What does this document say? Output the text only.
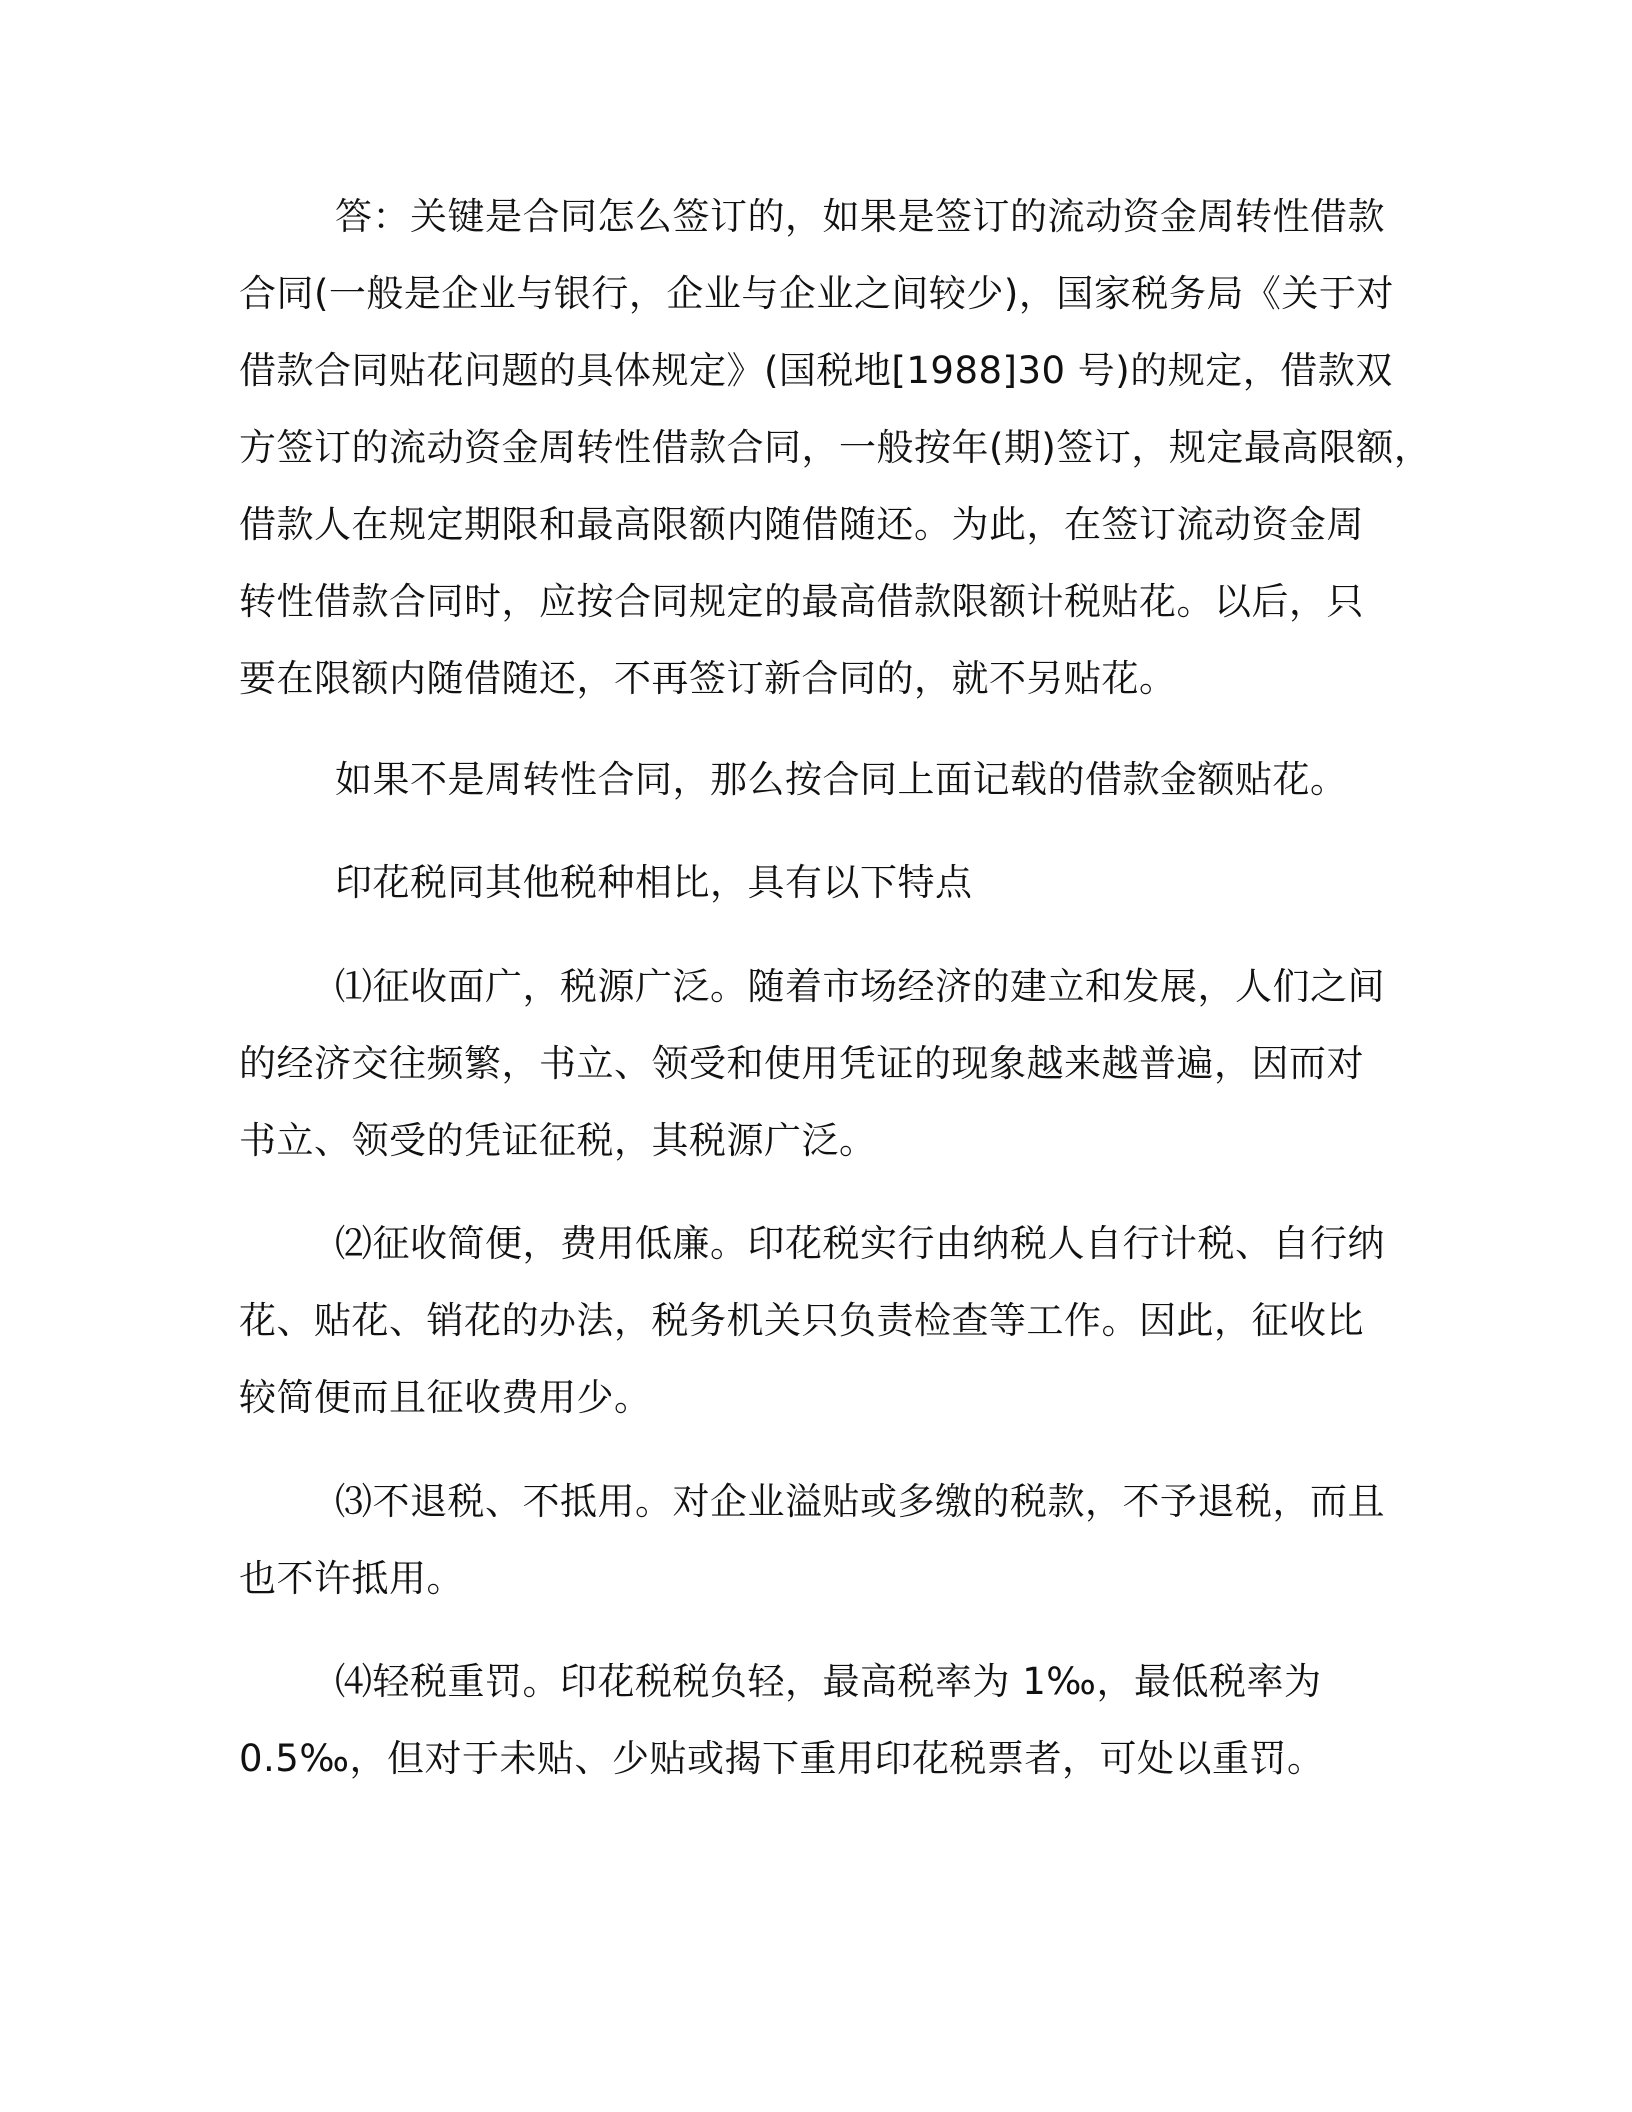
答：关键是合同怎么签订的，如果是签订的流动资金周转性借款
合同(一般是企业与银行，企业与企业之间较少)，国家税务局《关于对
借款合同贴花问题的具体规定》(国税地[1988]30 号)的规定，借款双
方签订的流动资金周转性借款合同，一般按年(期)签订，规定最高限额，
借款人在规定期限和最高限额内随借随还。为此，在签订流动资金周
转性借款合同时，应按合同规定的最高借款限额计税贴花。以后，只
要在限额内随借随还，不再签订新合同的，就不另贴花。
如果不是周转性合同，那么按合同上面记载的借款金额贴花。
印花税同其他税种相比，具有以下特点
⑴征收面广，税源广泛。随着市场经济的建立和发展，人们之间
的经济交往频繁，书立、领受和使用凭证的现象越来越普遍，因而对
书立、领受的凭证征税，其税源广泛。
⑵征收简便，费用低廉。印花税实行由纳税人自行计税、自行纳
花、贴花、销花的办法，税务机关只负责检查等工作。因此，征收比
较简便而且征收费用少。
⑶不退税、不抵用。对企业溢贴或多缴的税款，不予退税，而且
也不许抵用。
⑷轻税重罚。印花税税负轻，最高税率为 1‰，最低税率为
0.5‰，但对于未贴、少贴或揭下重用印花税票者，可处以重罚。
